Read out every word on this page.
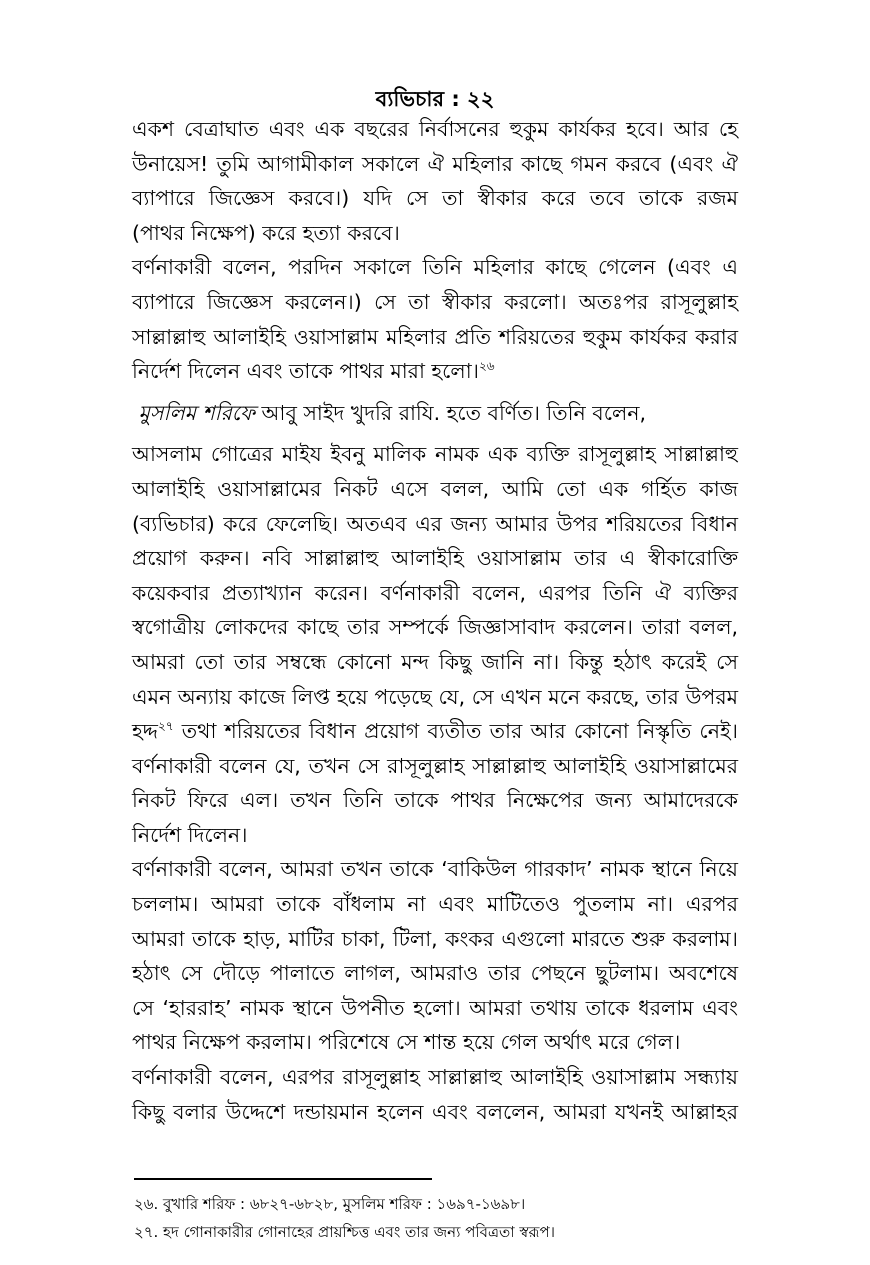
ব্যভিচার : ২২
একশ বেত্রাঘাত এবং এক বছরের নির্বাসনের হুকুম কার্যকর হবে। আর হে
উনায়েস! তুমি আগামীকাল সকালে ঐ মহিলার কাছে গমন করবে (এবং ঐ
ব্যাপারে জিজ্ঞেস করবে।) যদি সে তা স্বীকার করে তবে তাকে রজম
(পাথর নিক্ষেপ) করে হত্যা করবে।
বর্ণনাকারী বলেন, পরদিন সকালে তিনি মহিলার কাছে গেলেন (এবং এ
ব্যাপারে জিজ্ঞেস করলেন।) সে তা স্বীকার করলো। অতঃপর রাসূলুল্লাহ
সাল্লাল্লাহু আলাইহি ওয়াসাল্লাম মহিলার প্রতি শরিয়তের হুকুম কার্যকর করার
নির্দেশ দিলেন এবং তাকে পাথর মারা হলো।$^{২৬}$
মুসলিম শরিফে আবু সাইদ খুদরি রাযি. হতে বর্ণিত। তিনি বলেন,
আসলাম গোত্রের মাইয ইবনু মালিক নামক এক ব্যক্তি রাসূলুল্লাহ সাল্লাল্লাহু
আলাইহি ওয়াসাল্লামের নিকট এসে বলল, আমি তো এক গর্হিত কাজ
(ব্যভিচার) করে ফেলেছি। অতএব এর জন্য আমার উপর শরিয়তের বিধান
প্রয়োগ করুন। নবি সাল্লাল্লাহু আলাইহি ওয়াসাল্লাম তার এ স্বীকারোক্তি
কয়েকবার প্রত্যাখ্যান করেন। বর্ণনাকারী বলেন, এরপর তিনি ঐ ব্যক্তির
স্বগোত্রীয় লোকদের কাছে তার সম্পর্কে জিজ্ঞাসাবাদ করলেন। তারা বলল,
আমরা তো তার সম্বন্ধে কোনো মন্দ কিছু জানি না। কিন্তু হঠাৎ করেই সে
এমন অন্যায় কাজে লিপ্ত হয়ে পড়েছে যে, সে এখন মনে করছে, তার উপরম
হদ্দ$^{২৭}$ তথা শরিয়তের বিধান প্রয়োগ ব্যতীত তার আর কোনো নিস্কৃতি নেই।
বর্ণনাকারী বলেন যে, তখন সে রাসূলুল্লাহ সাল্লাল্লাহু আলাইহি ওয়াসাল্লামের
নিকট ফিরে এল। তখন তিনি তাকে পাথর নিক্ষেপের জন্য আমাদেরকে
নির্দেশ দিলেন।
বর্ণনাকারী বলেন, আমরা তখন তাকে ‘বাকিউল গারকাদ’ নামক স্থানে নিয়ে
চললাম। আমরা তাকে বাঁধলাম না এবং মাটিতেও পুতলাম না। এরপর
আমরা তাকে হাড়, মাটির চাকা, টিলা, কংকর এগুলো মারতে শুরু করলাম।
হঠাৎ সে দৌড়ে পালাতে লাগল, আমরাও তার পেছনে ছুটলাম। অবশেষে
সে ‘হাররাহ’ নামক স্থানে উপনীত হলো। আমরা তথায় তাকে ধরলাম এবং
পাথর নিক্ষেপ করলাম। পরিশেষে সে শান্ত হয়ে গেল অর্থাৎ মরে গেল।
বর্ণনাকারী বলেন, এরপর রাসূলুল্লাহ সাল্লাল্লাহু আলাইহি ওয়াসাল্লাম সন্ধ্যায়
কিছু বলার উদ্দেশে দন্ডায়মান হলেন এবং বললেন, আমরা যখনই আল্লাহর
২৬. বুখারি শরিফ : ৬৮২৭-৬৮২৮, মুসলিম শরিফ : ১৬৯৭-১৬৯৮।
২৭. হদ গোনাকারীর গোনাহের প্রায়শ্চিত্ত এবং তার জন্য পবিত্রতা স্বরূপ।
